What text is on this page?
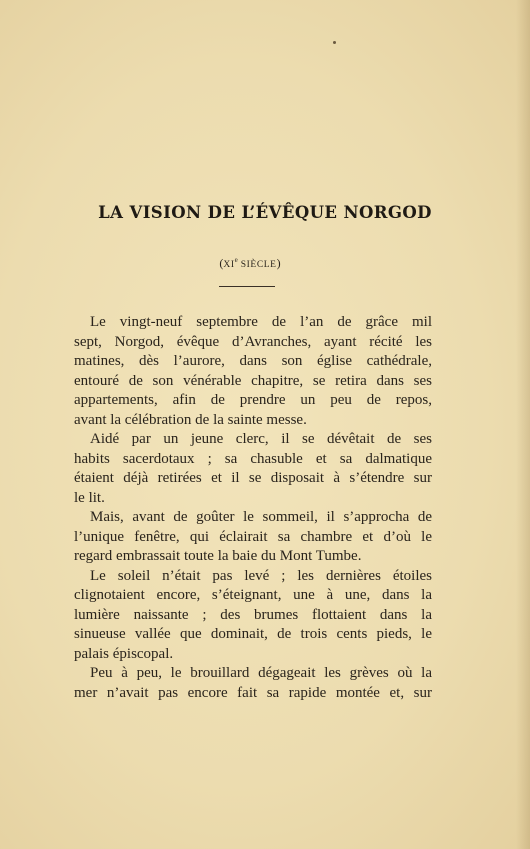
LA VISION DE L’ÉVÊQUE NORGOD
(XIe SIÈCLE)

Le vingt-neuf septembre de l’an de grâce mil
sept, Norgod, évêque d’Avranches, ayant récité les
matines, dès l’aurore, dans son église cathédrale,
entouré de son vénérable chapitre, se retira dans ses
appartements, afin de prendre un peu de repos,
avant la célébration de la sainte messe.

Aidé par un jeune clerc, il se dévêtait de ses
habits sacerdotaux ; sa chasuble et sa dalmatique
étaient déjà retirées et il se disposait à s’étendre sur
le lit.

Mais, avant de goûter le sommeil, il s’approcha de
l’unique fenêtre, qui éclairait sa chambre et d’où le
regard embrassait toute la baie du Mont Tumbe.

Le soleil n’était pas levé ; les dernières étoiles
clignotaient encore, s’éteignant, une à une, dans la
lumière naissante ; des brumes flottaient dans la
sinueuse vallée que dominait, de trois cents pieds, le
palais épiscopal.

Peu à peu, le brouillard dégageait les grèves où la
mer n’avait pas encore fait sa rapide montée et, sur
